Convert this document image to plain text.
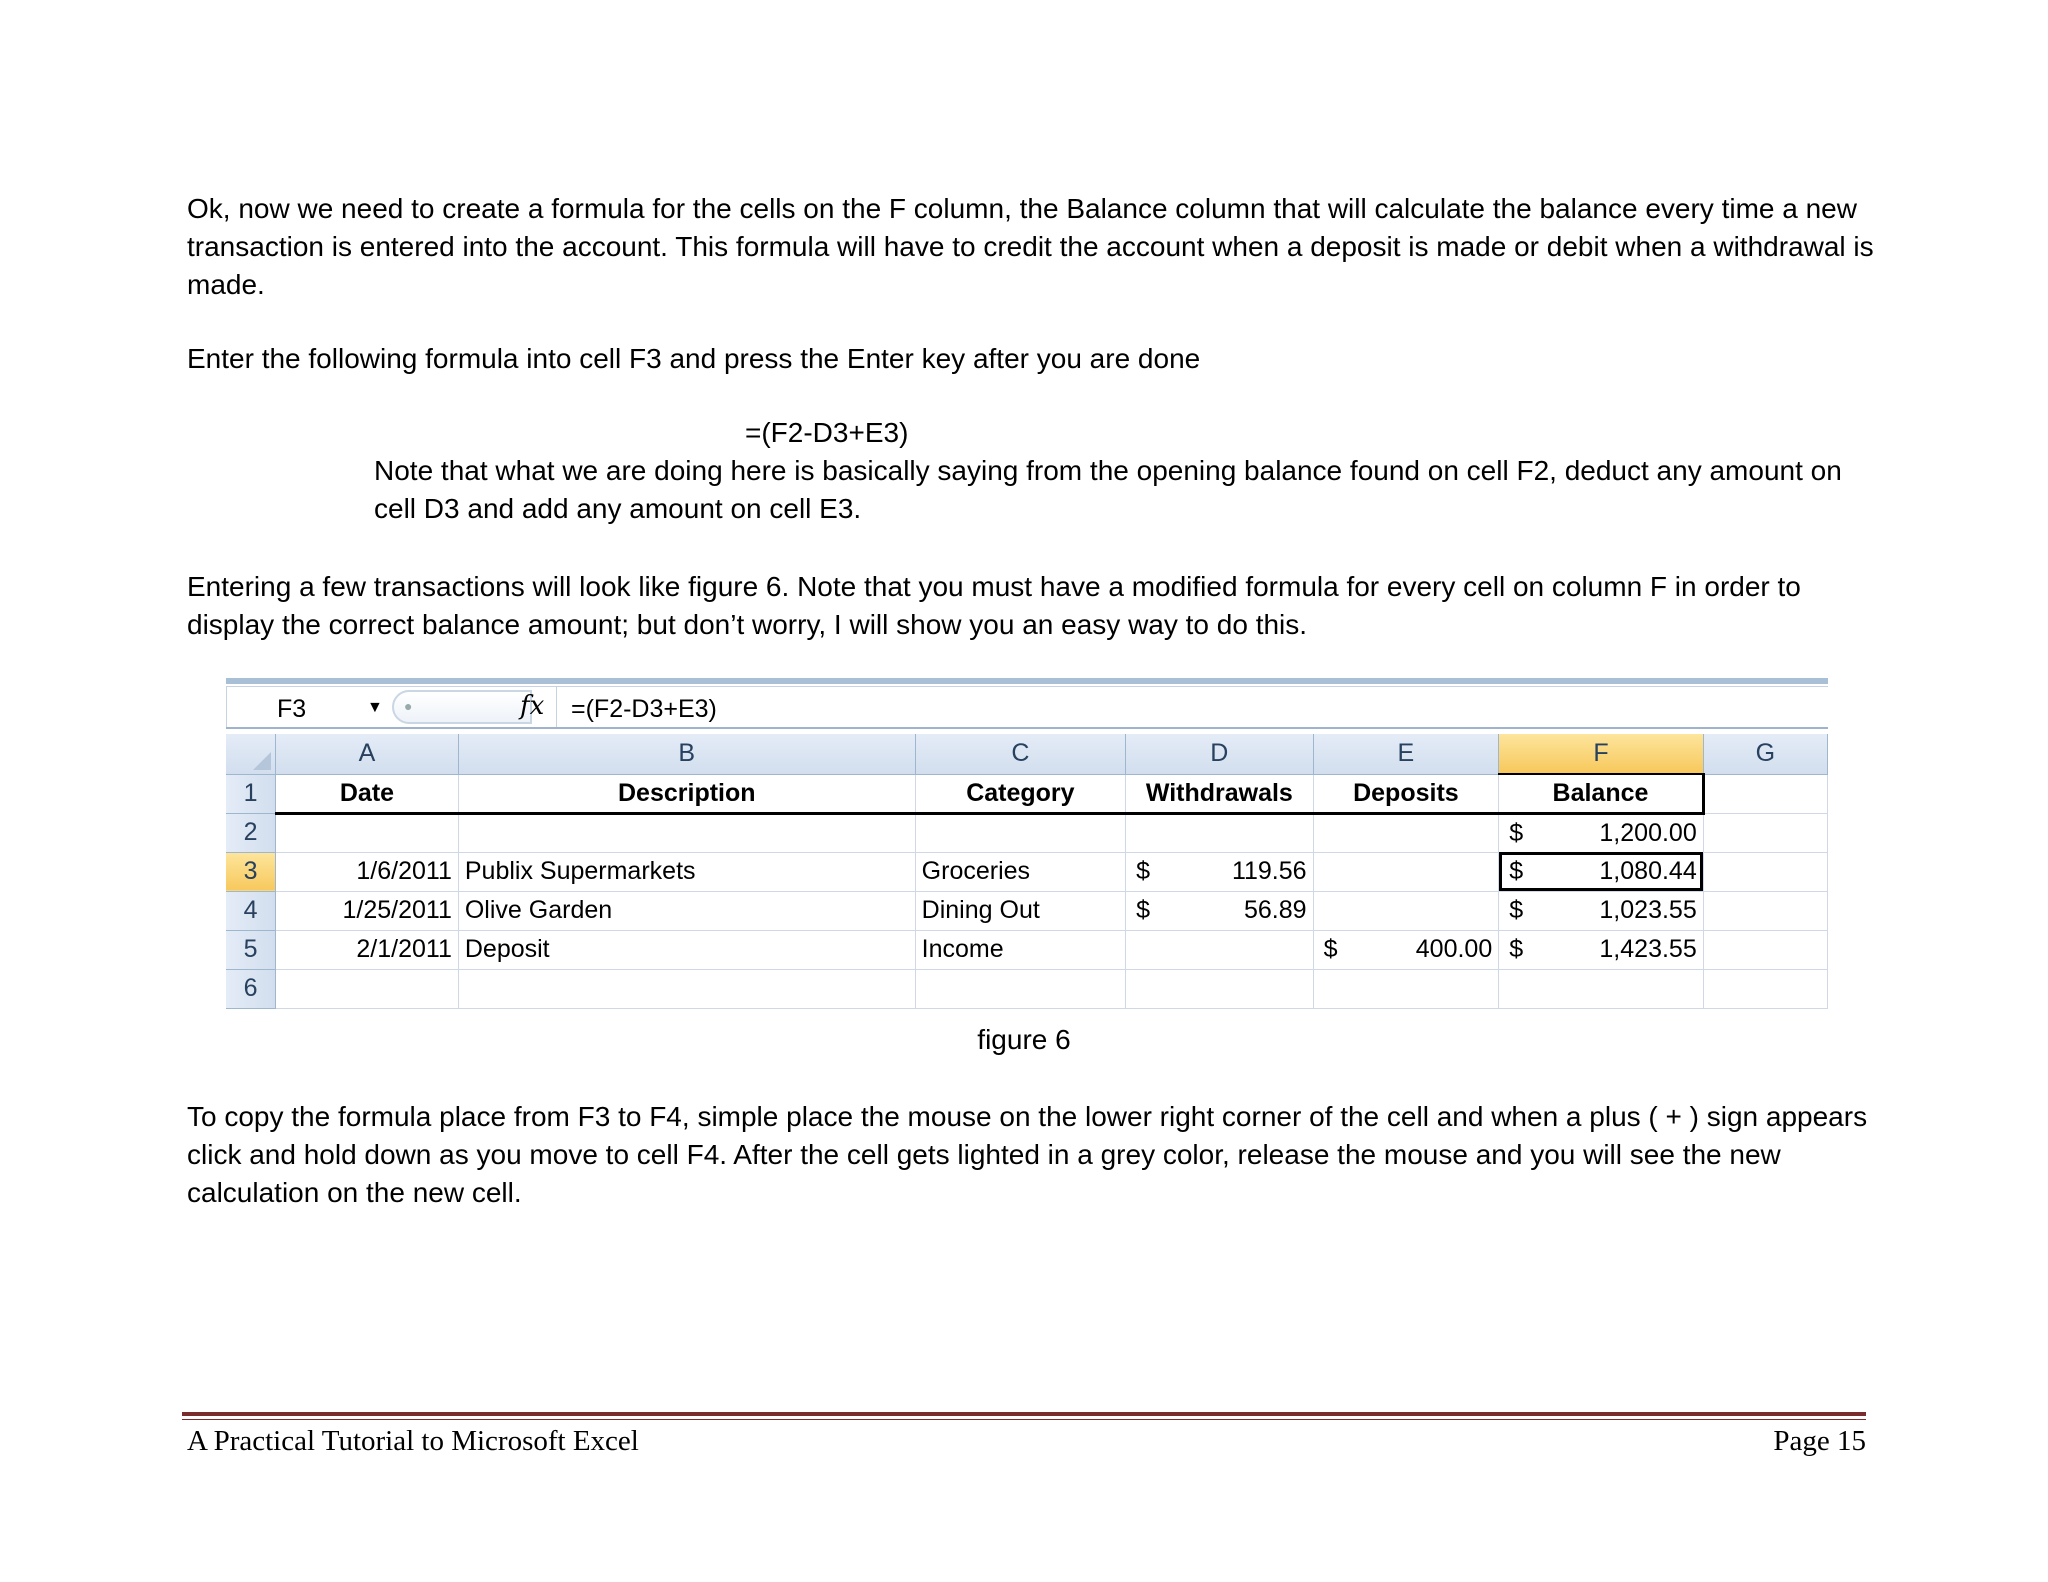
Ok, now we need to create a formula for the cells on the F column, the Balance column that will calculate the balance every time a new transaction is entered into the account. This formula will have to credit the account when a deposit is made or debit when a withdrawal is made.

Enter the following formula into cell F3 and press the Enter key after you are done

=(F2-D3+E3)

Note that what we are doing here is basically saying from the opening balance found on cell F2, deduct any amount on cell D3 and add any amount on cell E3.

Entering a few transactions will look like figure 6. Note that you must have a modified formula for every cell on column F in order to display the correct balance amount; but don’t worry, I will show you an easy way to do this.

F3	▼ ●	fx =(F2-D3+E3)
	A	B	C	D	E	F	G
1	Date	Description	Category	Withdrawals	Deposits	Balance	
2						$ 1,200.00	

3	1/6/2011	Publix Supermarkets	Groceries	$ 119.56		$ 1,080.44	

4	1/25/2011	Olive Garden	Dining Out	$ 56.89		$ 1,023.55	

5	2/1/2011	Deposit	Income		$ 400.00	$ 1,423.55	

6							
figure 6

To copy the formula place from F3 to F4, simple place the mouse on the lower right corner of the cell and when a plus ( + ) sign appears click and hold down as you move to cell F4. After the cell gets lighted in a grey color, release the mouse and you will see the new calculation on the new cell.

A Practical Tutorial to Microsoft Excel	Page 15
